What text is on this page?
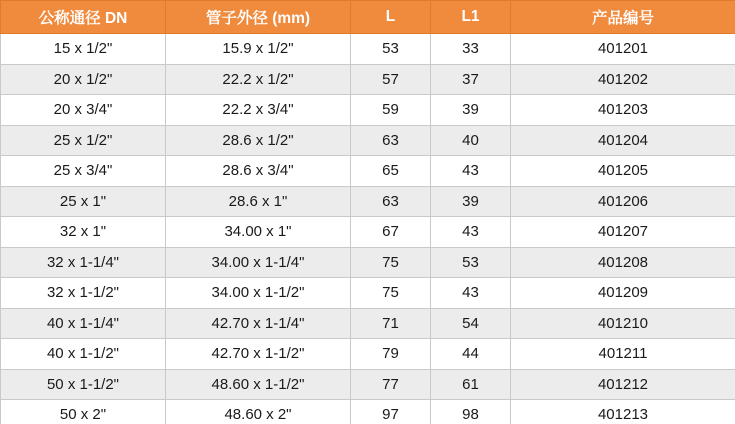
公称通径 DN	管子外径 (mm)	L	L1	产品编号
15 x 1/2"	15.9 x 1/2"	53	33	401201
20 x 1/2"	22.2 x 1/2"	57	37	401202
20 x 3/4"	22.2 x 3/4"	59	39	401203
25 x 1/2"	28.6 x 1/2"	63	40	401204
25 x 3/4"	28.6 x 3/4"	65	43	401205
25 x 1"	28.6 x 1"	63	39	401206
32 x 1"	34.00 x 1"	67	43	401207
32 x 1-1/4"	34.00 x 1-1/4"	75	53	401208
32 x 1-1/2"	34.00 x 1-1/2"	75	43	401209
40 x 1-1/4"	42.70 x 1-1/4"	71	54	401210
40 x 1-1/2"	42.70 x 1-1/2"	79	44	401211
50 x 1-1/2"	48.60 x 1-1/2"	77	61	401212
50 x 2"	48.60 x 2"	97	98	401213
